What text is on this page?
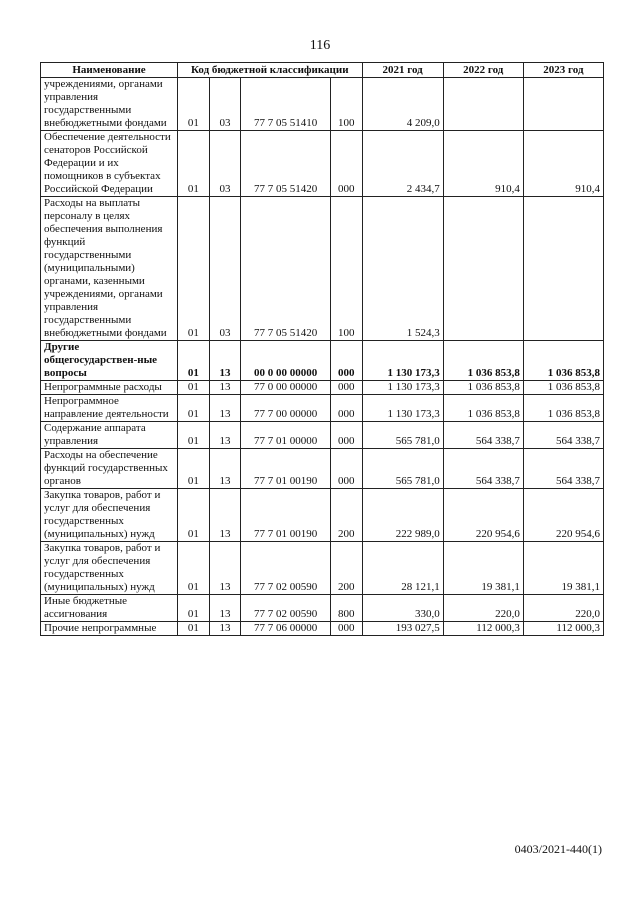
116
Наименование	Код бюджетной классификации				2021 год	2022 год	2023 год
учреждениями, органами управления государственными внебюджетными фондами	01	03	77 7 05 51410	100	4 209,0		
Обеспечение деятельности сенаторов Российской Федерации и их помощников в субъектах Российской Федерации	01	03	77 7 05 51420	000	2 434,7	910,4	910,4
Расходы на выплаты персоналу в целях обеспечения выполнения функций государственными (муниципальными) органами, казенными учреждениями, органами управления государственными внебюджетными фондами	01	03	77 7 05 51420	100	1 524,3		
Другие общегосударствен-ные вопросы	01	13	00 0 00 00000	000	1 130 173,3	1 036 853,8	1 036 853,8
Непрограммные расходы	01	13	77 0 00 00000	000	1 130 173,3	1 036 853,8	1 036 853,8
Непрограммное направление деятельности	01	13	77 7 00 00000	000	1 130 173,3	1 036 853,8	1 036 853,8
Содержание аппарата управления	01	13	77 7 01 00000	000	565 781,0	564 338,7	564 338,7
Расходы на обеспечение функций государственных органов	01	13	77 7 01 00190	000	565 781,0	564 338,7	564 338,7
Закупка товаров, работ и услуг для обеспечения государственных (муниципальных) нужд	01	13	77 7 01 00190	200	222 989,0	220 954,6	220 954,6
Закупка товаров, работ и услуг для обеспечения государственных (муниципальных) нужд	01	13	77 7 02 00590	200	28 121,1	19 381,1	19 381,1
Иные бюджетные ассигнования	01	13	77 7 02 00590	800	330,0	220,0	220,0
Прочие непрограммные	01	13	77 7 06 00000	000	193 027,5	112 000,3	112 000,3
0403/2021-440(1)
